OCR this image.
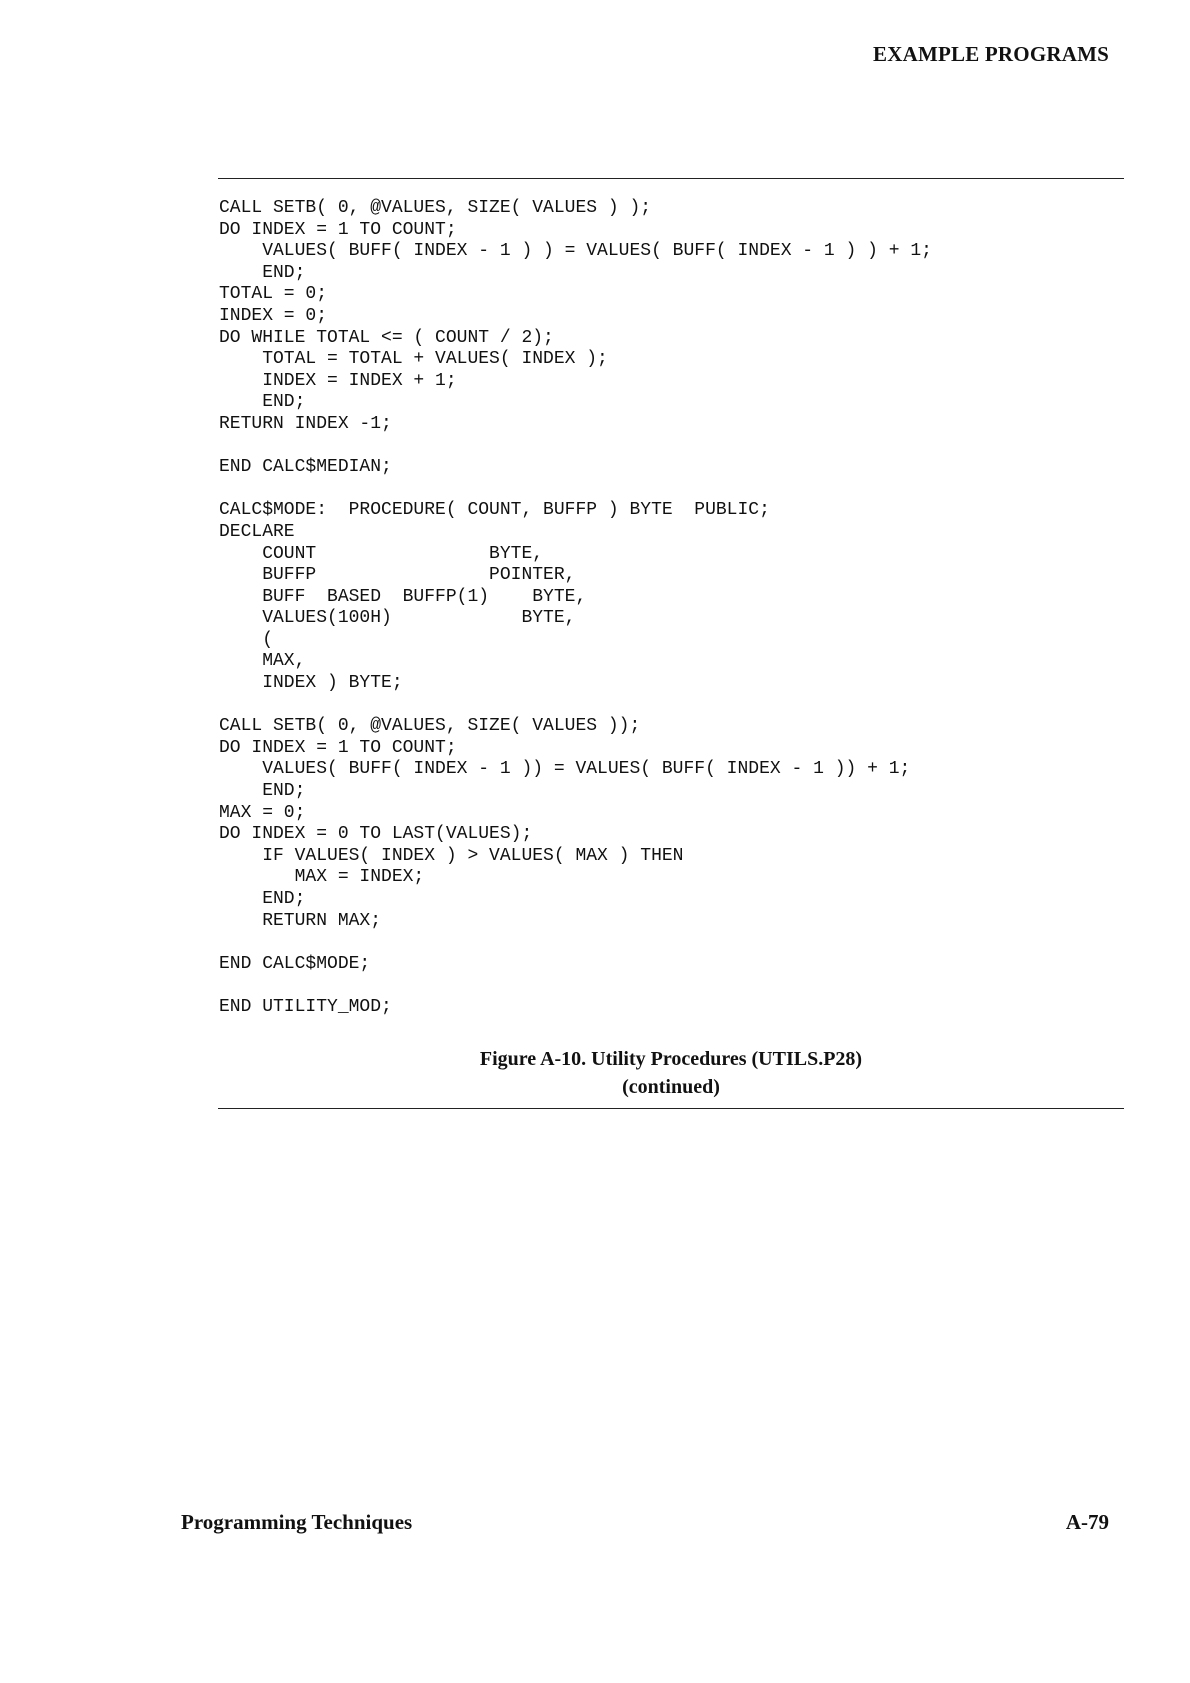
EXAMPLE PROGRAMS
CALL SETB( 0, @VALUES, SIZE( VALUES ) );
DO INDEX = 1 TO COUNT;
VALUES( BUFF( INDEX - 1 ) ) = VALUES( BUFF( INDEX - 1 ) ) + 1;
END;
TOTAL = 0;
INDEX = 0;
DO WHILE TOTAL <= ( COUNT / 2);
TOTAL = TOTAL + VALUES( INDEX );
INDEX = INDEX + 1;
END;
RETURN INDEX -1;
END CALC$MEDIAN;
CALC$MODE:  PROCEDURE( COUNT, BUFFP ) BYTE  PUBLIC;
DECLARE
COUNT                BYTE,
BUFFP                POINTER,
BUFF  BASED  BUFFP(1)    BYTE,
VALUES(100H)            BYTE,
(
MAX,
INDEX ) BYTE;
CALL SETB( 0, @VALUES, SIZE( VALUES ));
DO INDEX = 1 TO COUNT;
VALUES( BUFF( INDEX - 1 )) = VALUES( BUFF( INDEX - 1 )) + 1;
END;
MAX = 0;
DO INDEX = 0 TO LAST(VALUES);
IF VALUES( INDEX ) > VALUES( MAX ) THEN
MAX = INDEX;
END;
RETURN MAX;
END CALC$MODE;
END UTILITY_MOD;
Figure A-10. Utility Procedures (UTILS.P28)
(continued)
Programming Techniques	A-79
